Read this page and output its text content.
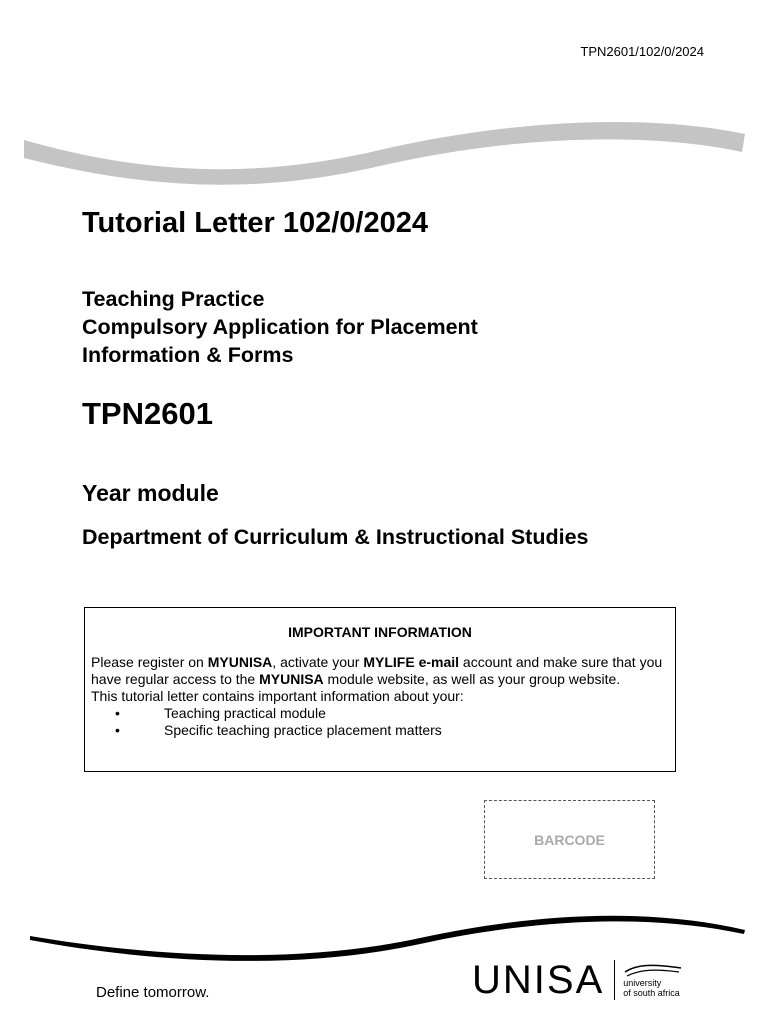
TPN2601/102/0/2024
Tutorial Letter 102/0/2024
Teaching Practice
Compulsory Application for Placement
Information & Forms
TPN2601
Year module
Department of Curriculum & Instructional Studies
IMPORTANT INFORMATION

Please register on MYUNISA, activate your MYLIFE e-mail account and make sure that you have regular access to the MYUNISA module website, as well as your group website.

This tutorial letter contains important information about your:

• Teaching practical module
• Specific teaching practice placement matters
BARCODE
Define tomorrow.	UNISA university
of south africa
